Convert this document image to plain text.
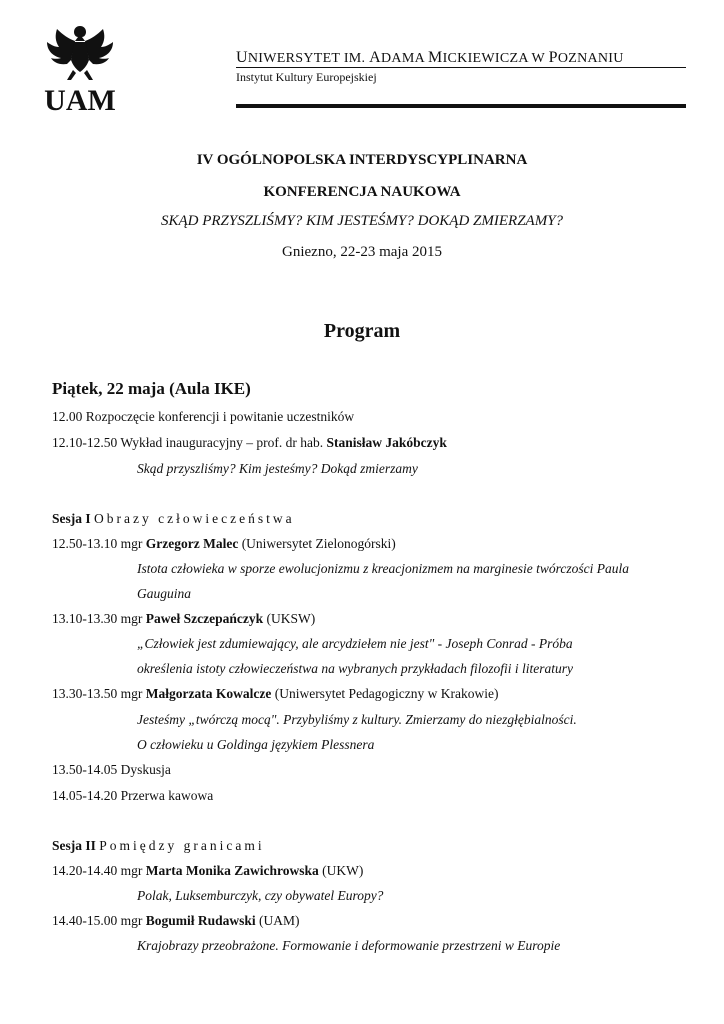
UAM
UNIWERSYTET IM. ADAMA MICKIEWICZA W POZNANIU
Instytut Kultury Europejskiej
IV OGÓLNOPOLSKA INTERDYSCYPLINARNA
KONFERENCJA NAUKOWA
SKĄD PRZYSZLIŚMY? KIM JESTEŚMY? DOKĄD ZMIERZAMY?
Gniezno, 22-23 maja 2015
Program
Piątek, 22 maja (Aula IKE)
12.00 Rozpoczęcie konferencji i powitanie uczestników
12.10-12.50 Wykład inauguracyjny – prof. dr hab. Stanisław Jakóbczyk
Skąd przyszliśmy? Kim jesteśmy? Dokąd zmierzamy
Sesja I Obrazy człowieczeństwa
12.50-13.10 mgr Grzegorz Malec (Uniwersytet Zielonogórski)
Istota człowieka w sporze ewolucjonizmu z kreacjonizmem na marginesie twórczości Paula
Gauguina
13.10-13.30 mgr Paweł Szczepańczyk (UKSW)
„Człowiek jest zdumiewający, ale arcydziełem nie jest" - Joseph Conrad - Próba
określenia istoty człowieczeństwa na wybranych przykładach filozofii i literatury
13.30-13.50 mgr Małgorzata Kowalcze (Uniwersytet Pedagogiczny w Krakowie)
Jesteśmy „twórczą mocą". Przybyliśmy z kultury. Zmierzamy do niezgłębialności.
O człowieku u Goldinga językiem Plessnera
13.50-14.05 Dyskusja
14.05-14.20 Przerwa kawowa
Sesja II Pomiędzy granicami
14.20-14.40 mgr Marta Monika Zawichrowska (UKW)
Polak, Luksemburczyk, czy obywatel Europy?
14.40-15.00 mgr Bogumił Rudawski (UAM)
Krajobrazy przeobrażone. Formowanie i deformowanie przestrzeni w Europie
